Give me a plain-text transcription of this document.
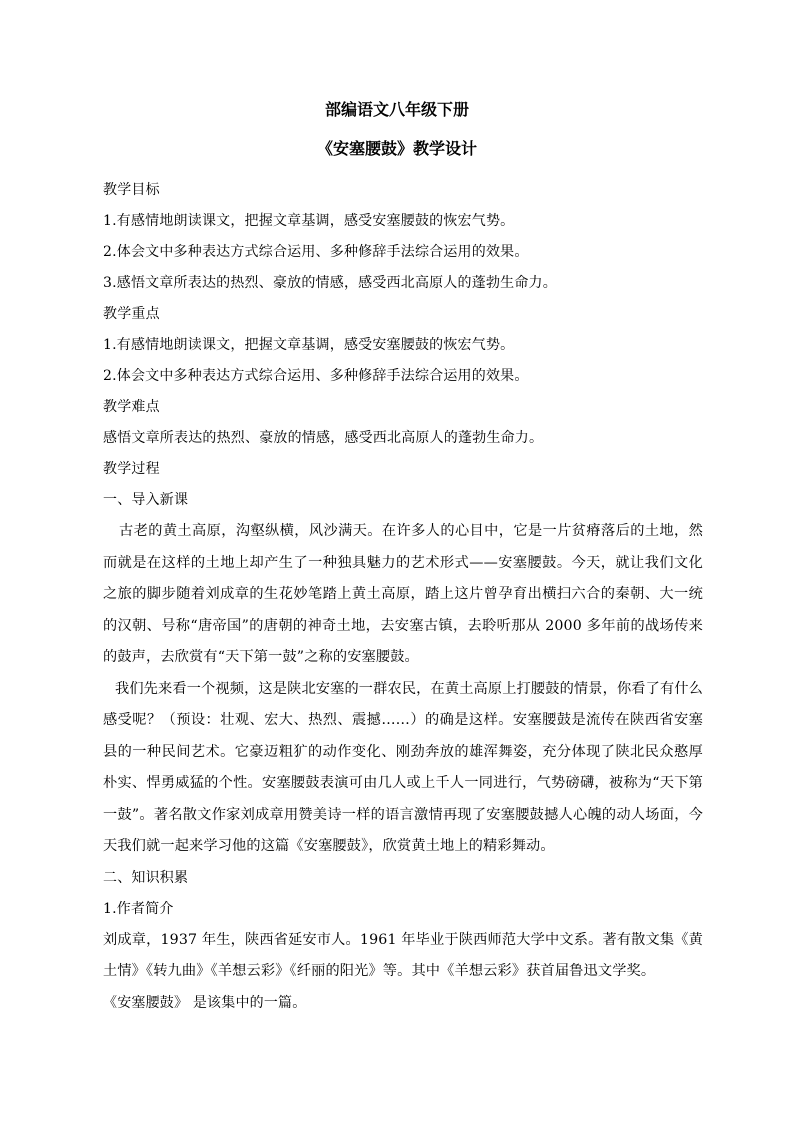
部编语文八年级下册
《安塞腰鼓》教学设计
教学目标
1.有感情地朗读课文，把握文章基调，感受安塞腰鼓的恢宏气势。
2.体会文中多种表达方式综合运用、多种修辞手法综合运用的效果。
3.感悟文章所表达的热烈、豪放的情感，感受西北高原人的蓬勃生命力。
教学重点
1.有感情地朗读课文，把握文章基调，感受安塞腰鼓的恢宏气势。
2.体会文中多种表达方式综合运用、多种修辞手法综合运用的效果。
教学难点
感悟文章所表达的热烈、豪放的情感，感受西北高原人的蓬勃生命力。
教学过程
一、导入新课

古老的黄土高原，沟壑纵横，风沙满天。在许多人的心目中，它是一片贫瘠落后的土地，然而就是在这样的土地上却产生了一种独具魅力的艺术形式——安塞腰鼓。今天，就让我们文化之旅的脚步随着刘成章的生花妙笔踏上黄土高原，踏上这片曾孕育出横扫六合的秦朝、大一统的汉朝、号称“唐帝国”的唐朝的神奇土地，去安塞古镇，去聆听那从 2000 多年前的战场传来的鼓声，去欣赏有“天下第一鼓”之称的安塞腰鼓。

我们先来看一个视频，这是陕北安塞的一群农民，在黄土高原上打腰鼓的情景，你看了有什么感受呢？（预设：壮观、宏大、热烈、震撼……）的确是这样。安塞腰鼓是流传在陕西省安塞县的一种民间艺术。它豪迈粗犷的动作变化、刚劲奔放的雄浑舞姿，充分体现了陕北民众憨厚朴实、悍勇威猛的个性。安塞腰鼓表演可由几人或上千人一同进行，气势磅礴，被称为“天下第一鼓”。著名散文作家刘成章用赞美诗一样的语言激情再现了安塞腰鼓撼人心魄的动人场面，今天我们就一起来学习他的这篇《安塞腰鼓》，欣赏黄土地上的精彩舞动。

二、知识积累
1.作者简介

刘成章，1937 年生，陕西省延安市人。1961 年毕业于陕西师范大学中文系。著有散文集《黄土情》《转九曲》《羊想云彩》《纤丽的阳光》等。其中《羊想云彩》获首届鲁迅文学奖。

《安塞腰鼓》 是该集中的一篇。
